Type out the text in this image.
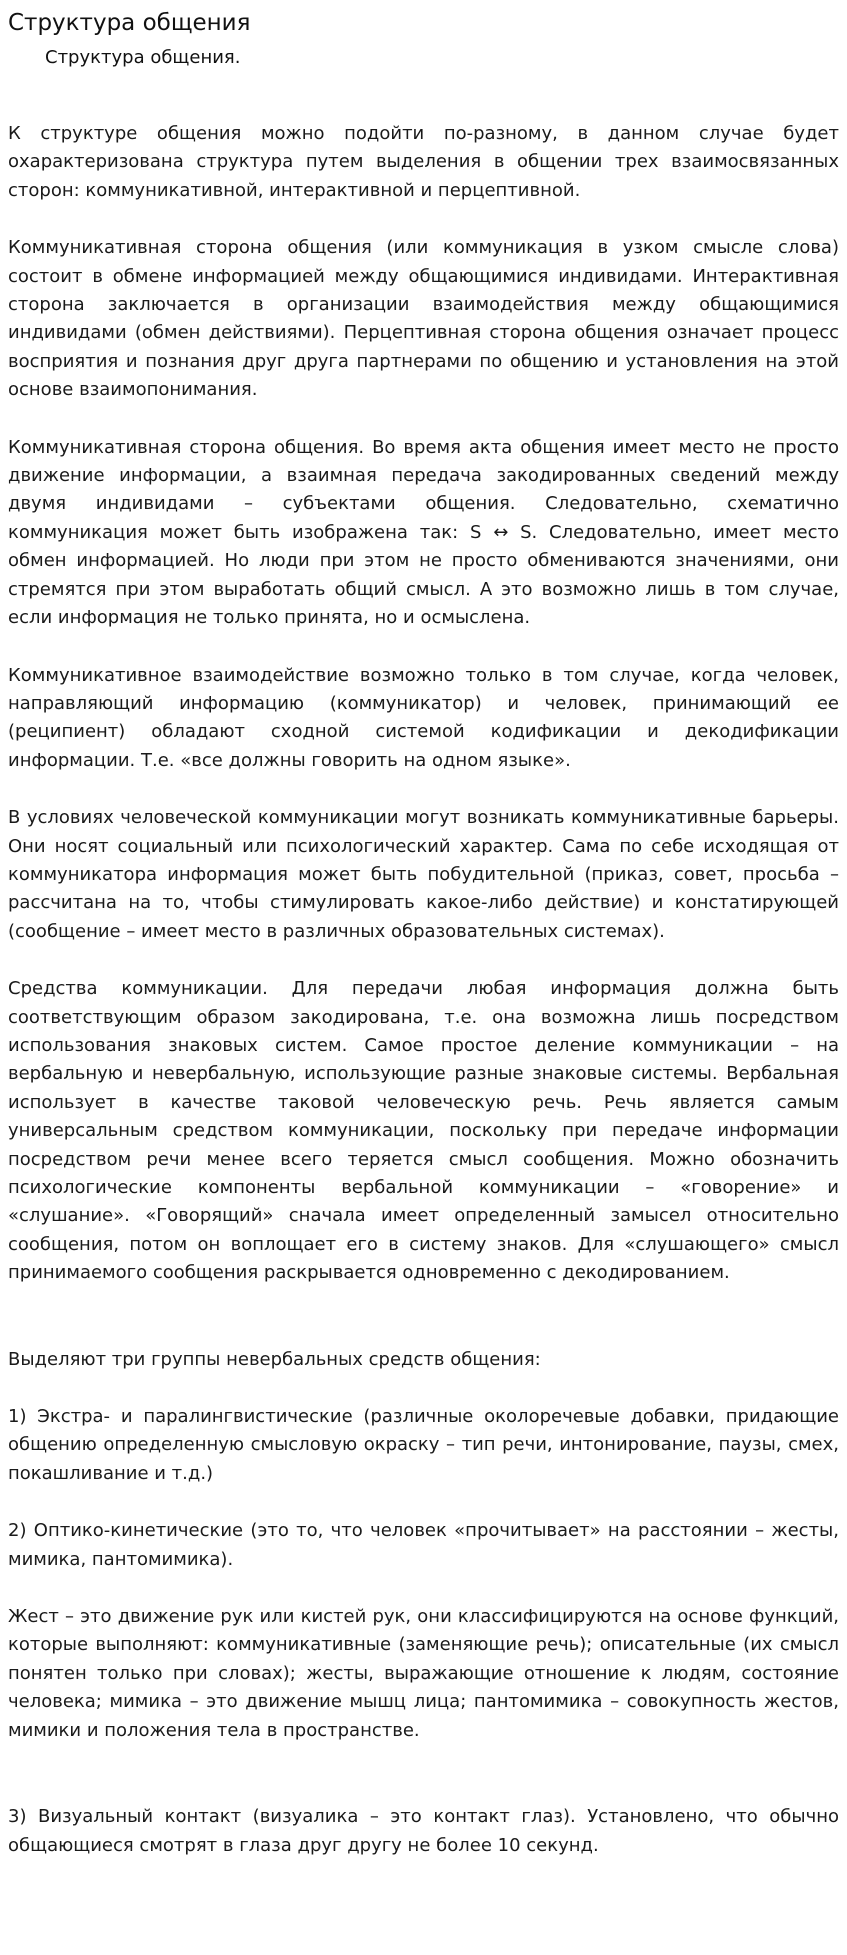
Структура общения
Структура общения.

К структуре общения можно подойти по-разному, в данном случае будет охарактеризована структура путем выделения в общении трех взаимосвязанных сторон: коммуникативной, интерактивной и перцептивной.

Коммуникативная сторона общения (или коммуникация в узком смысле слова) состоит в обмене информацией между общающимися индивидами. Интерактивная сторона заключается в организации взаимодействия между общающимися индивидами (обмен действиями). Перцептивная сторона общения означает процесс восприятия и познания друг друга партнерами по общению и установления на этой основе взаимопонимания.

Коммуникативная сторона общения. Во время акта общения имеет место не просто движение информации, а взаимная передача закодированных сведений между двумя индивидами – субъектами общения. Следовательно, схематично коммуникация может быть изображена так: S ↔ S. Следовательно, имеет место обмен информацией. Но люди при этом не просто обмениваются значениями, они стремятся при этом выработать общий смысл. А это возможно лишь в том случае, если информация не только принята, но и осмыслена.

Коммуникативное взаимодействие возможно только в том случае, когда человек, направляющий информацию (коммуникатор) и человек, принимающий ее (реципиент) обладают сходной системой кодификации и декодификации информации. Т.е. «все должны говорить на одном языке».

В условиях человеческой коммуникации могут возникать коммуникативные барьеры. Они носят социальный или психологический характер. Сама по себе исходящая от коммуникатора информация может быть побудительной (приказ, совет, просьба – рассчитана на то, чтобы стимулировать какое-либо действие) и констатирующей (сообщение – имеет место в различных образовательных системах).

Средства коммуникации. Для передачи любая информация должна быть соответствующим образом закодирована, т.е. она возможна лишь посредством использования знаковых систем. Самое простое деление коммуникации – на вербальную и невербальную, использующие разные знаковые системы. Вербальная использует в качестве таковой человеческую речь. Речь является самым универсальным средством коммуникации, поскольку при передаче информации посредством речи менее всего теряется смысл сообщения. Можно обозначить психологические компоненты вербальной коммуникации – «говорение» и «слушание». «Говорящий» сначала имеет определенный замысел относительно сообщения, потом он воплощает его в систему знаков. Для «слушающего» смысл принимаемого сообщения раскрывается одновременно с декодированием.

Выделяют три группы невербальных средств общения:

1) Экстра- и паралингвистические (различные околоречевые добавки, придающие общению определенную смысловую окраску – тип речи, интонирование, паузы, смех, покашливание и т.д.)

2) Оптико-кинетические (это то, что человек «прочитывает» на расстоянии – жесты, мимика, пантомимика).

Жест – это движение рук или кистей рук, они классифицируются на основе функций, которые выполняют: коммуникативные (заменяющие речь); описательные (их смысл понятен только при словах); жесты, выражающие отношение к людям, состояние человека; мимика – это движение мышц лица; пантомимика – совокупность жестов, мимики и положения тела в пространстве.

3) Визуальный контакт (визуалика – это контакт глаз). Установлено, что обычно общающиеся смотрят в глаза друг другу не более 10 секунд.
